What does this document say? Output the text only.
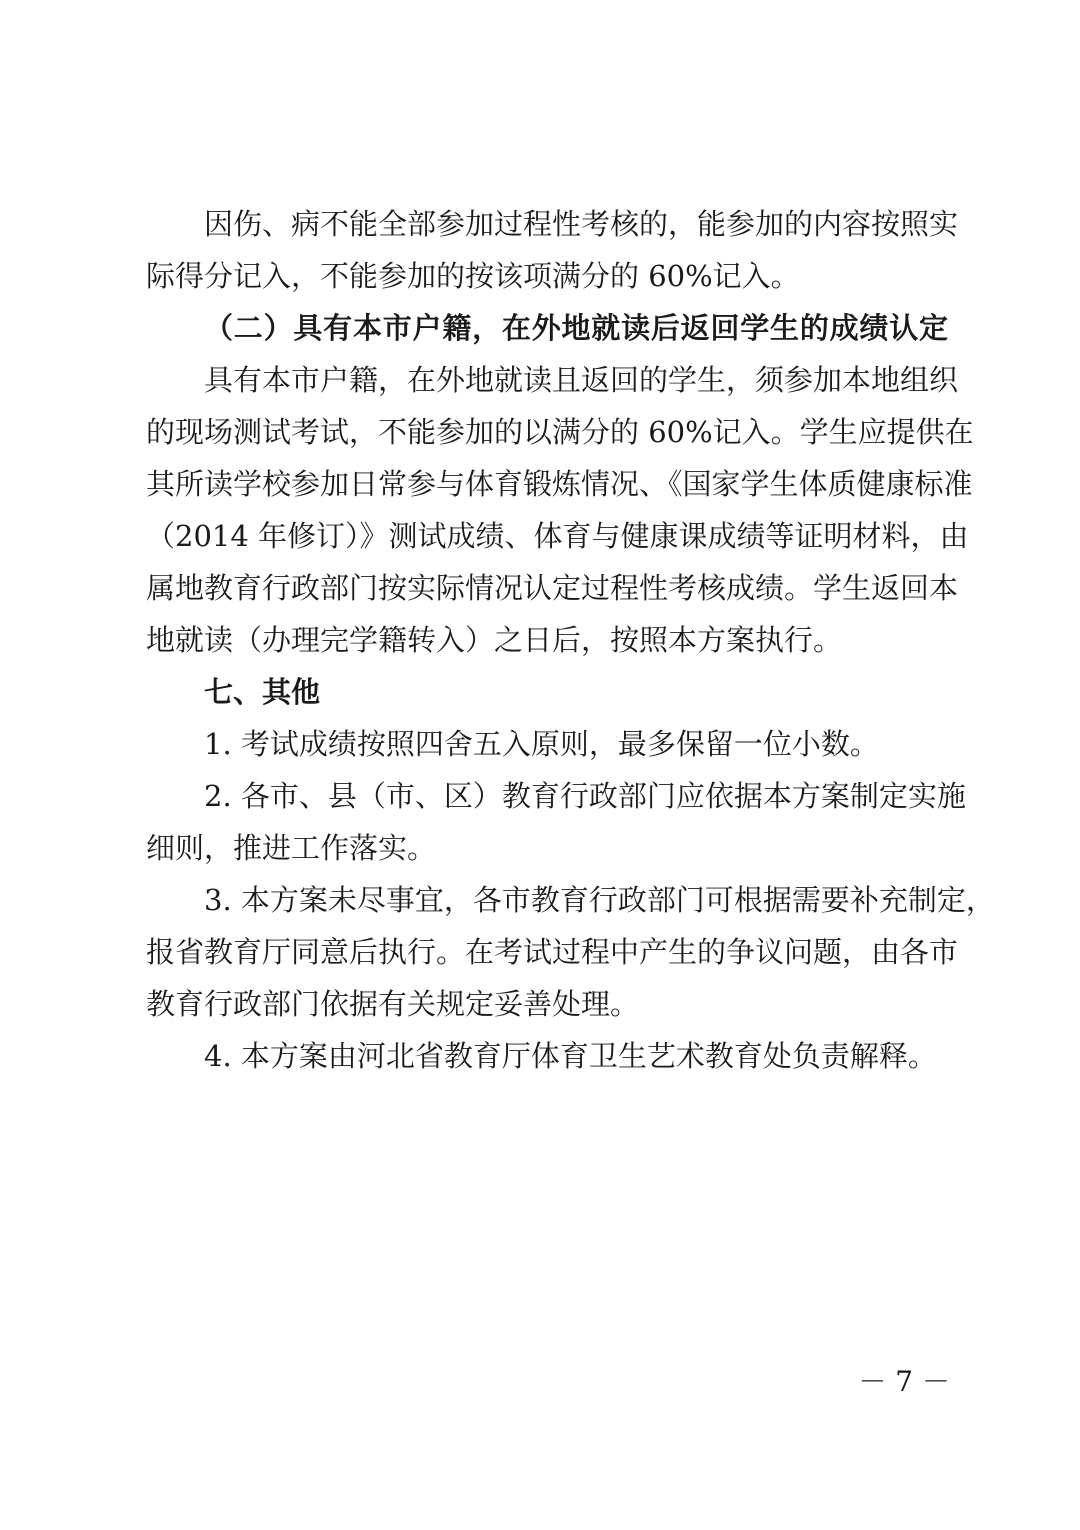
因伤、病不能全部参加过程性考核的，能参加的内容按照实
际得分记入，不能参加的按该项满分的 60%记入。
（二）具有本市户籍，在外地就读后返回学生的成绩认定
具有本市户籍，在外地就读且返回的学生，须参加本地组织
的现场测试考试，不能参加的以满分的 60%记入。学生应提供在
其所读学校参加日常参与体育锻炼情况、《国家学生体质健康标准
（2014 年修订）》测试成绩、体育与健康课成绩等证明材料，由
属地教育行政部门按实际情况认定过程性考核成绩。学生返回本
地就读（办理完学籍转入）之日后，按照本方案执行。
七、其他
1. 考试成绩按照四舍五入原则，最多保留一位小数。
2. 各市、县（市、区）教育行政部门应依据本方案制定实施
细则，推进工作落实。
3. 本方案未尽事宜，各市教育行政部门可根据需要补充制定，
报省教育厅同意后执行。在考试过程中产生的争议问题，由各市
教育行政部门依据有关规定妥善处理。
4. 本方案由河北省教育厅体育卫生艺术教育处负责解释。
－ 7 －
